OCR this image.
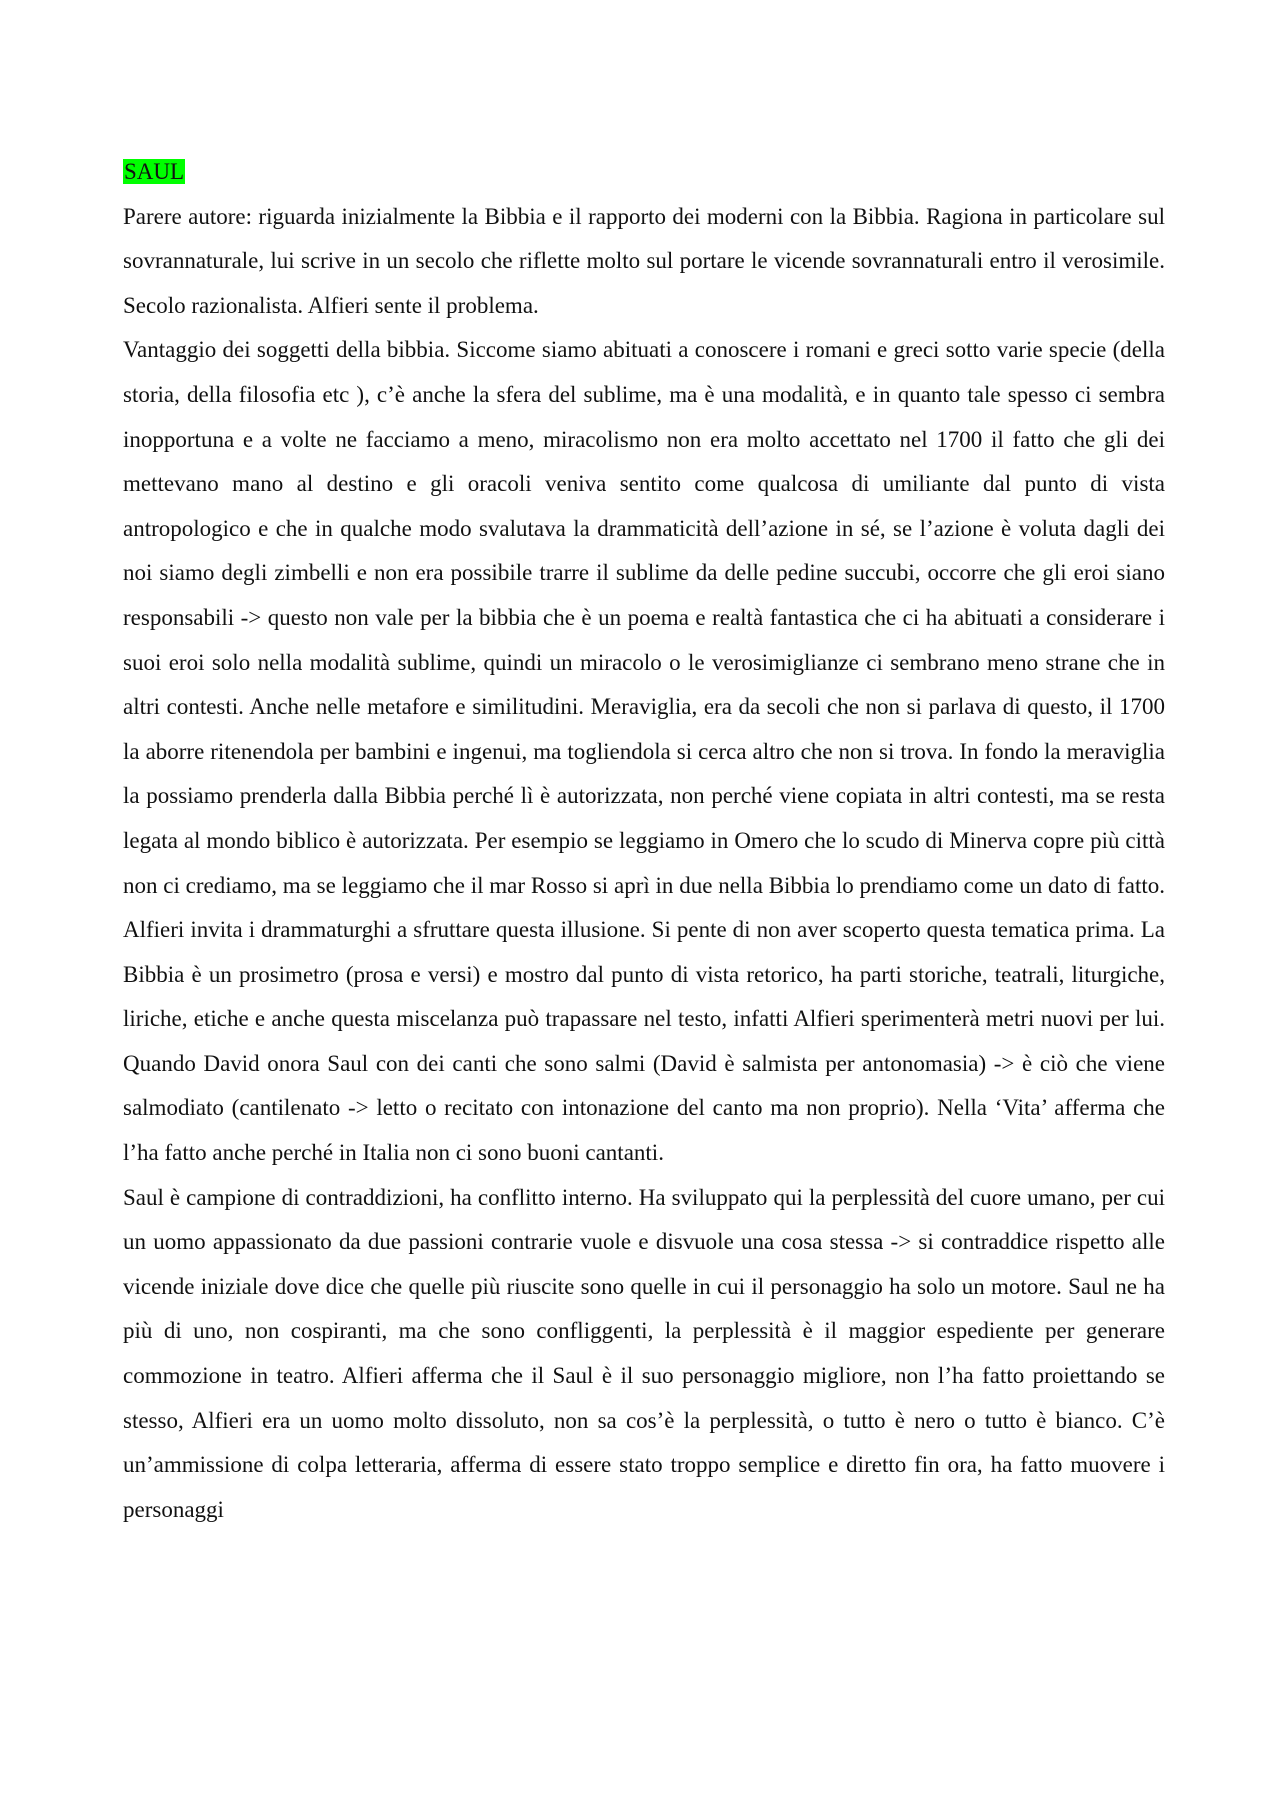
SAUL

Parere autore: riguarda inizialmente la Bibbia e il rapporto dei moderni con la Bibbia. Ragiona in particolare sul sovrannaturale, lui scrive in un secolo che riflette molto sul portare le vicende sovrannaturali entro il verosimile. Secolo razionalista. Alfieri sente il problema.

Vantaggio dei soggetti della bibbia. Siccome siamo abituati a conoscere i romani e greci sotto varie specie (della storia, della filosofia etc ), c’è anche la sfera del sublime, ma è una modalità, e in quanto tale spesso ci sembra inopportuna e a volte ne facciamo a meno, miracolismo non era molto accettato nel 1700 il fatto che gli dei mettevano mano al destino e gli oracoli veniva sentito come qualcosa di umiliante dal punto di vista antropologico e che in qualche modo svalutava la drammaticità dell’azione in sé, se l’azione è voluta dagli dei noi siamo degli zimbelli e non era possibile trarre il sublime da delle pedine succubi, occorre che gli eroi siano responsabili -> questo non vale per la bibbia che è un poema e realtà fantastica che ci ha abituati a considerare i suoi eroi solo nella modalità sublime, quindi un miracolo o le verosimiglianze ci sembrano meno strane che in altri contesti. Anche nelle metafore e similitudini. Meraviglia, era da secoli che non si parlava di questo, il 1700 la aborre ritenendola per bambini e ingenui, ma togliendola si cerca altro che non si trova. In fondo la meraviglia la possiamo prenderla dalla Bibbia perché lì è autorizzata, non perché viene copiata in altri contesti, ma se resta legata al mondo biblico è autorizzata. Per esempio se leggiamo in Omero che lo scudo di Minerva copre più città non ci crediamo, ma se leggiamo che il mar Rosso si aprì in due nella Bibbia lo prendiamo come un dato di fatto. Alfieri invita i drammaturghi a sfruttare questa illusione. Si pente di non aver scoperto questa tematica prima. La Bibbia è un prosimetro (prosa e versi) e mostro dal punto di vista retorico, ha parti storiche, teatrali, liturgiche, liriche, etiche e anche questa miscelanza può trapassare nel testo, infatti Alfieri sperimenterà metri nuovi per lui. Quando David onora Saul con dei canti che sono salmi (David è salmista per antonomasia) -> è ciò che viene salmodiato (cantilenato -> letto o recitato con intonazione del canto ma non proprio). Nella ‘Vita’ afferma che l’ha fatto anche perché in Italia non ci sono buoni cantanti.

Saul è campione di contraddizioni, ha conflitto interno. Ha sviluppato qui la perplessità del cuore umano, per cui un uomo appassionato da due passioni contrarie vuole e disvuole una cosa stessa -> si contraddice rispetto alle vicende iniziale dove dice che quelle più riuscite sono quelle in cui il personaggio ha solo un motore. Saul ne ha più di uno, non cospiranti, ma che sono confliggenti, la perplessità è il maggior espediente per generare commozione in teatro. Alfieri afferma che il Saul è il suo personaggio migliore, non l’ha fatto proiettando se stesso, Alfieri era un uomo molto dissoluto, non sa cos’è la perplessità, o tutto è nero o tutto è bianco. C’è un’ammissione di colpa letteraria, afferma di essere stato troppo semplice e diretto fin ora, ha fatto muovere i personaggi
